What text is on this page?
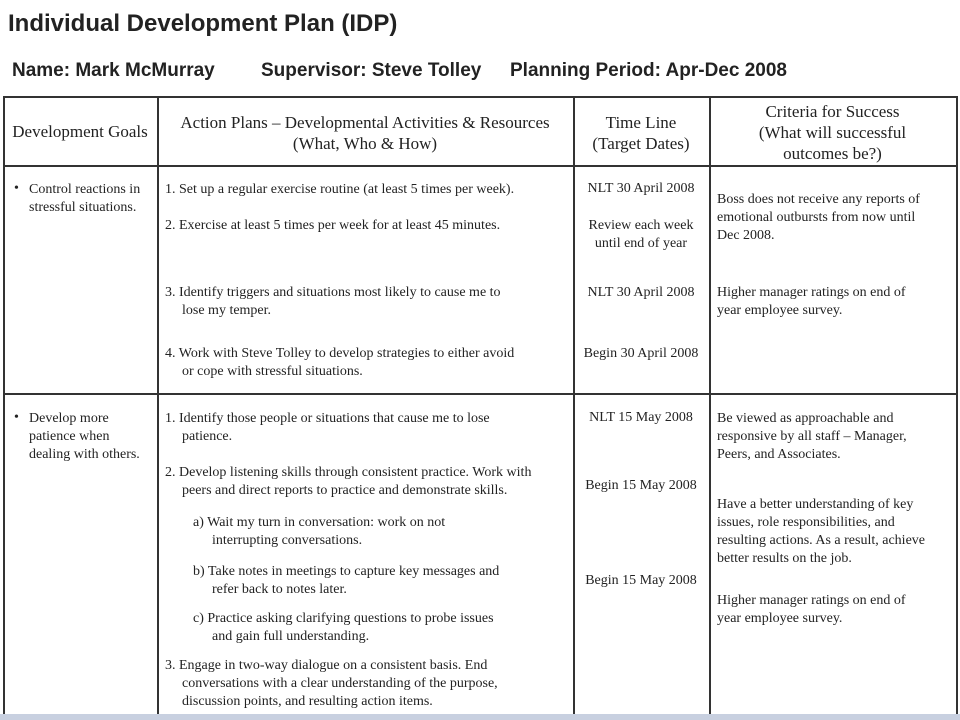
Individual Development Plan (IDP)
Name: Mark McMurray Supervisor: Steve Tolley Planning Period: Apr-Dec 2008
Development Goals	Action Plans – Developmental Activities & Resources
(What, Who & How)
Time Line
(Target Dates)
Criteria for Success
(What will successful
outcomes be?)
• Control reactions in
stressful situations.
1. Set up a regular exercise routine (at least 5 times per week).
2. Exercise at least 5 times per week for at least 45 minutes.
3. Identify triggers and situations most likely to cause me to
lose my temper.
4. Work with Steve Tolley to develop strategies to either avoid
or cope with stressful situations.
NLT 30 April 2008
Review each week
until end of year
NLT 30 April 2008
Begin 30 April 2008
Boss does not receive any reports of
emotional outbursts from now until
Dec 2008.
Higher manager ratings on end of
year employee survey.
• Develop more
patience when
dealing with others.
1. Identify those people or situations that cause me to lose
patience.
2. Develop listening skills through consistent practice. Work with
peers and direct reports to practice and demonstrate skills.
a) Wait my turn in conversation: work on not
interrupting conversations.
b) Take notes in meetings to capture key messages and
refer back to notes later.
c) Practice asking clarifying questions to probe issues
and gain full understanding.
3. Engage in two-way dialogue on a consistent basis. End
conversations with a clear understanding of the purpose,
discussion points, and resulting action items.
NLT 15 May 2008
Begin 15 May 2008
Begin 15 May 2008
Be viewed as approachable and
responsive by all staff – Manager,
Peers, and Associates.
Have a better understanding of key
issues, role responsibilities, and
resulting actions. As a result, achieve
better results on the job.
Higher manager ratings on end of
year employee survey.
